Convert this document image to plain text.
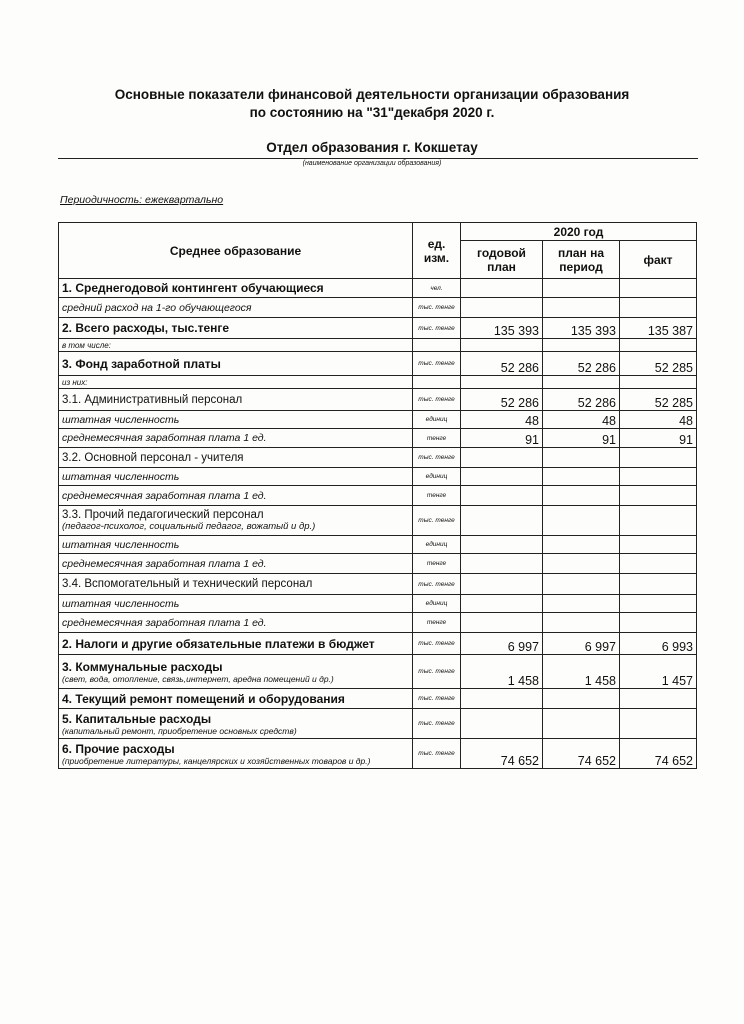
Основные показатели финансовой деятельности организации образования
по состоянию на "31"декабря 2020 г.
Отдел образования г. Кокшетау
(наименование организации образования)
Периодичность: ежеквартально
Среднее образование	ед. изм.	2020 год		
		годовой план	план на период	факт
1. Среднегодовой контингент обучающиеся	чел.			
средний расход на 1-го обучающегося	тыс. тенге			
2. Всего расходы, тыс.тенге	тыс. тенге	135 393	135 393	135 387
в том числе:				
3. Фонд заработной платы	тыс. тенге	52 286	52 286	52 285
из них:				
3.1. Административный персонал	тыс. тенге	52 286	52 286	52 285
штатная численность	единиц	48	48	48
среднемесячная заработная плата 1 ед.	тенге	91	91	91
3.2. Основной персонал - учителя	тыс. тенге			
штатная численность	единиц			
среднемесячная заработная плата 1 ед.	тенге			
3.3. Прочий педагогический персонал
(педагог-психолог, социальный педагог, вожатый и др.)	тыс. тенге			
штатная численность	единиц			
среднемесячная заработная плата 1 ед.	тенге			
3.4. Вспомогательный и технический персонал	тыс. тенге			
штатная численность	единиц			
среднемесячная заработная плата 1 ед.	тенге			
2. Налоги и другие обязательные платежи в бюджет	тыс. тенге	6 997	6 997	6 993
3. Коммунальные расходы
(свет, вода, отопление, связь,интернет, аредна помещений и др.)	тыс. тенге	1 458	1 458	1 457
4. Текущий ремонт помещений и оборудования	тыс. тенге			
5. Капитальные расходы
(капитальный ремонт, приобретение основных средств)	тыс. тенге			
6. Прочие расходы
(приобретение литературы, канцелярских и хозяйственных товаров и др.)	тыс. тенге	74 652	74 652	74 652
